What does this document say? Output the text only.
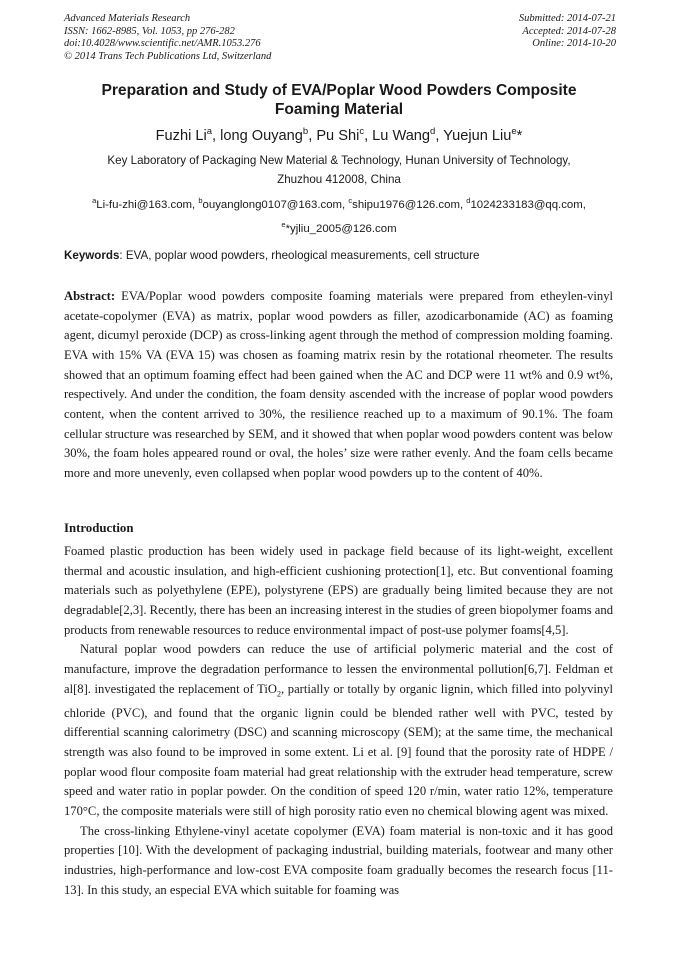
Advanced Materials Research
ISSN: 1662-8985, Vol. 1053, pp 276-282
doi:10.4028/www.scientific.net/AMR.1053.276
© 2014 Trans Tech Publications Ltd, Switzerland
Submitted: 2014-07-21
Accepted: 2014-07-28
Online: 2014-10-20
Preparation and Study of EVA/Poplar Wood Powders Composite
Foaming Material
Fuzhi Li$^a$, long Ouyang$^b$, Pu Shi$^c$, Lu Wang$^d$, Yuejun Liu$^e$*
Key Laboratory of Packaging New Material & Technology, Hunan University of Technology,
Zhuzhou 412008, China
$^a$Li-fu-zhi@163.com, $^b$ouyanglong0107@163.com, $^c$shipu1976@126.com, $^d$1024233183@qq.com,
$^e$*yjliu_2005@126.com
Keywords: EVA, poplar wood powders, rheological measurements, cell structure
Abstract: EVA/Poplar wood powders composite foaming materials were prepared from etheylen-vinyl acetate-copolymer (EVA) as matrix, poplar wood powders as filler, azodicarbonamide (AC) as foaming agent, dicumyl peroxide (DCP) as cross-linking agent through the method of compression molding foaming. EVA with 15% VA (EVA 15) was chosen as foaming matrix resin by the rotational rheometer. The results showed that an optimum foaming effect had been gained when the AC and DCP were 11 wt% and 0.9 wt%, respectively. And under the condition, the foam density ascended with the increase of poplar wood powders content, when the content arrived to 30%, the resilience reached up to a maximum of 90.1%. The foam cellular structure was researched by SEM, and it showed that when poplar wood powders content was below 30%, the foam holes appeared round or oval, the holes’ size were rather evenly. And the foam cells became more and more unevenly, even collapsed when poplar wood powders up to the content of 40%.
Introduction

Foamed plastic production has been widely used in package field because of its light-weight, excellent thermal and acoustic insulation, and high-efficient cushioning protection[1], etc. But conventional foaming materials such as polyethylene (EPE), polystyrene (EPS) are gradually being limited because they are not degradable[2,3]. Recently, there has been an increasing interest in the studies of green biopolymer foams and products from renewable resources to reduce environmental impact of post-use polymer foams[4,5].

Natural poplar wood powders can reduce the use of artificial polymeric material and the cost of manufacture, improve the degradation performance to lessen the environmental pollution[6,7]. Feldman et al[8]. investigated the replacement of TiO$_2$, partially or totally by organic lignin, which filled into polyvinyl chloride (PVC), and found that the organic lignin could be blended rather well with PVC, tested by differential scanning calorimetry (DSC) and scanning microscopy (SEM); at the same time, the mechanical strength was also found to be improved in some extent. Li et al. [9] found that the porosity rate of HDPE / poplar wood flour composite foam material had great relationship with the extruder head temperature, screw speed and water ratio in poplar powder. On the condition of speed 120 r/min, water ratio 12%, temperature 170°C, the composite materials were still of high porosity ratio even no chemical blowing agent was mixed.

The cross-linking Ethylene-vinyl acetate copolymer (EVA) foam material is non-toxic and it has good properties [10]. With the development of packaging industrial, building materials, footwear and many other industries, high-performance and low-cost EVA composite foam gradually becomes the research focus [11-13]. In this study, an especial EVA which suitable for foaming was
